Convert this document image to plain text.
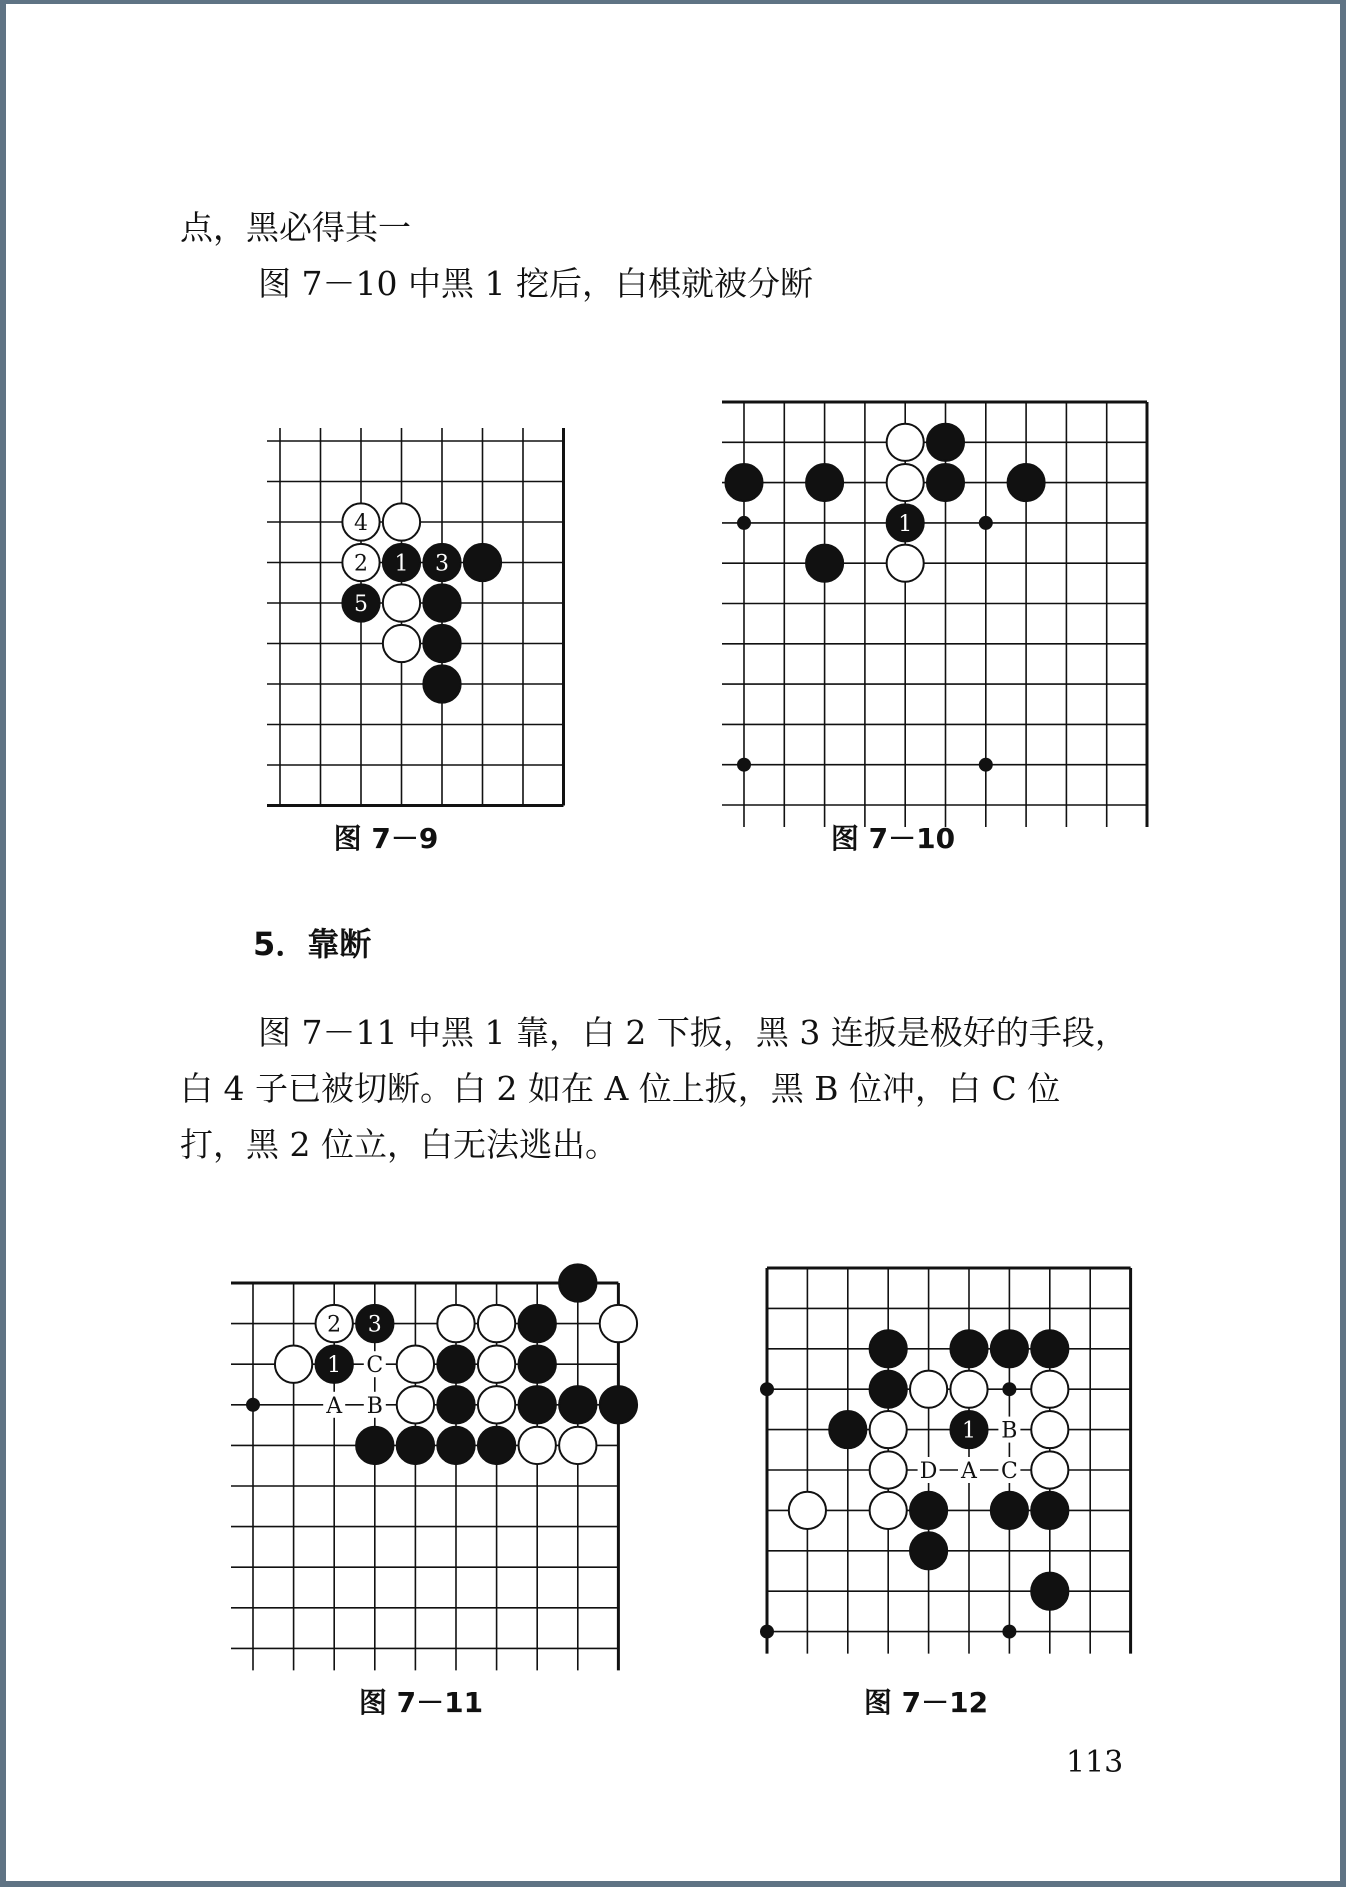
点，黑必得其一

图 7－10 中黑 1 挖后，白棋就被分断

4
2 1 3
5
1
图 7－9	图 7－10
5．靠断

图 7－11 中黑 1 靠，白 2 下扳，黑 3 连扳是极好的手段，

白 4 子已被切断。白 2 如在 A 位上扳，黑 B 位冲，白 C 位

打，黑 2 位立，白无法逃出。

2 3
1 C
A B
1 B
D A C
图 7－11	图 7－12
113
